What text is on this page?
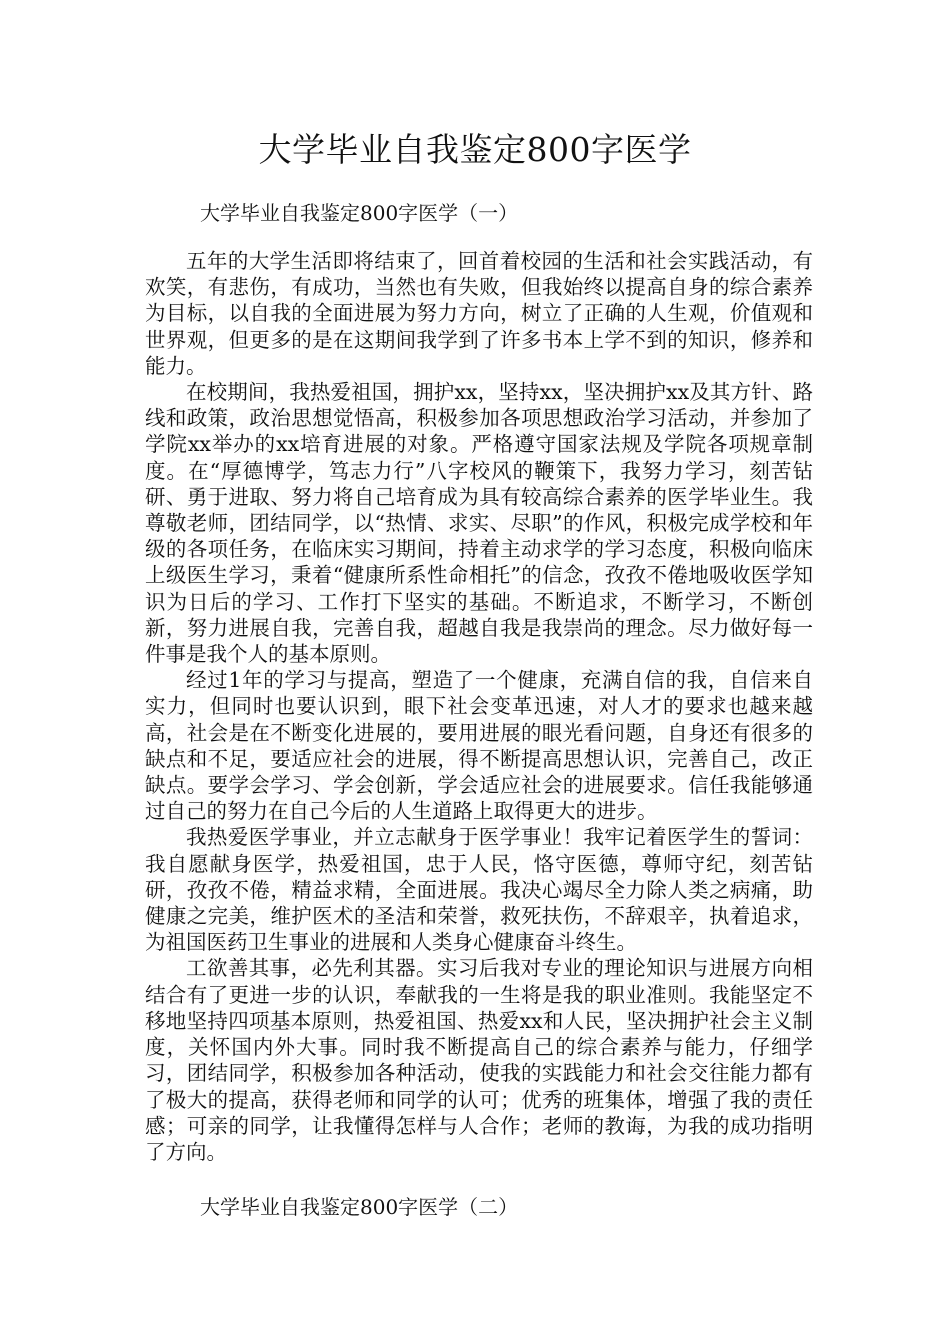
大学毕业自我鉴定800字医学
大学毕业自我鉴定800字医学（一）

五年的大学生活即将结束了，回首着校园的生活和社会实践活动，有欢笑，有悲伤，有成功，当然也有失败，但我始终以提高自身的综合素养为目标，以自我的全面进展为努力方向，树立了正确的人生观，价值观和世界观，但更多的是在这期间我学到了许多书本上学不到的知识，修养和能力。

在校期间，我热爱祖国，拥护xx，坚持xx，坚决拥护xx及其方针、路线和政策，政治思想觉悟高，积极参加各项思想政治学习活动，并参加了学院xx举办的xx培育进展的对象。严格遵守国家法规及学院各项规章制度。在“厚德博学，笃志力行”八字校风的鞭策下，我努力学习，刻苦钻研、勇于进取、努力将自己培育成为具有较高综合素养的医学毕业生。我尊敬老师，团结同学，以“热情、求实、尽职”的作风，积极完成学校和年级的各项任务，在临床实习期间，持着主动求学的学习态度，积极向临床上级医生学习，秉着“健康所系性命相托”的信念，孜孜不倦地吸收医学知识为日后的学习、工作打下坚实的基础。不断追求，不断学习，不断创新，努力进展自我，完善自我，超越自我是我崇尚的理念。尽力做好每一件事是我个人的基本原则。

经过1年的学习与提高，塑造了一个健康，充满自信的我，自信来自实力，但同时也要认识到，眼下社会变革迅速，对人才的要求也越来越高，社会是在不断变化进展的，要用进展的眼光看问题，自身还有很多的缺点和不足，要适应社会的进展，得不断提高思想认识，完善自己，改正缺点。要学会学习、学会创新，学会适应社会的进展要求。信任我能够通过自己的努力在自己今后的人生道路上取得更大的进步。

我热爱医学事业，并立志献身于医学事业！我牢记着医学生的誓词：我自愿献身医学，热爱祖国，忠于人民，恪守医德，尊师守纪，刻苦钻研，孜孜不倦，精益求精，全面进展。我决心竭尽全力除人类之病痛，助健康之完美，维护医术的圣洁和荣誉，救死扶伤，不辞艰辛，执着追求，为祖国医药卫生事业的进展和人类身心健康奋斗终生。

工欲善其事，必先利其器。实习后我对专业的理论知识与进展方向相结合有了更进一步的认识，奉献我的一生将是我的职业准则。我能坚定不移地坚持四项基本原则，热爱祖国、热爱xx和人民，坚决拥护社会主义制度，关怀国内外大事。同时我不断提高自己的综合素养与能力，仔细学习，团结同学，积极参加各种活动，使我的实践能力和社会交往能力都有了极大的提高，获得老师和同学的认可；优秀的班集体，增强了我的责任感；可亲的同学，让我懂得怎样与人合作；老师的教诲，为我的成功指明了方向。

大学毕业自我鉴定800字医学（二）
